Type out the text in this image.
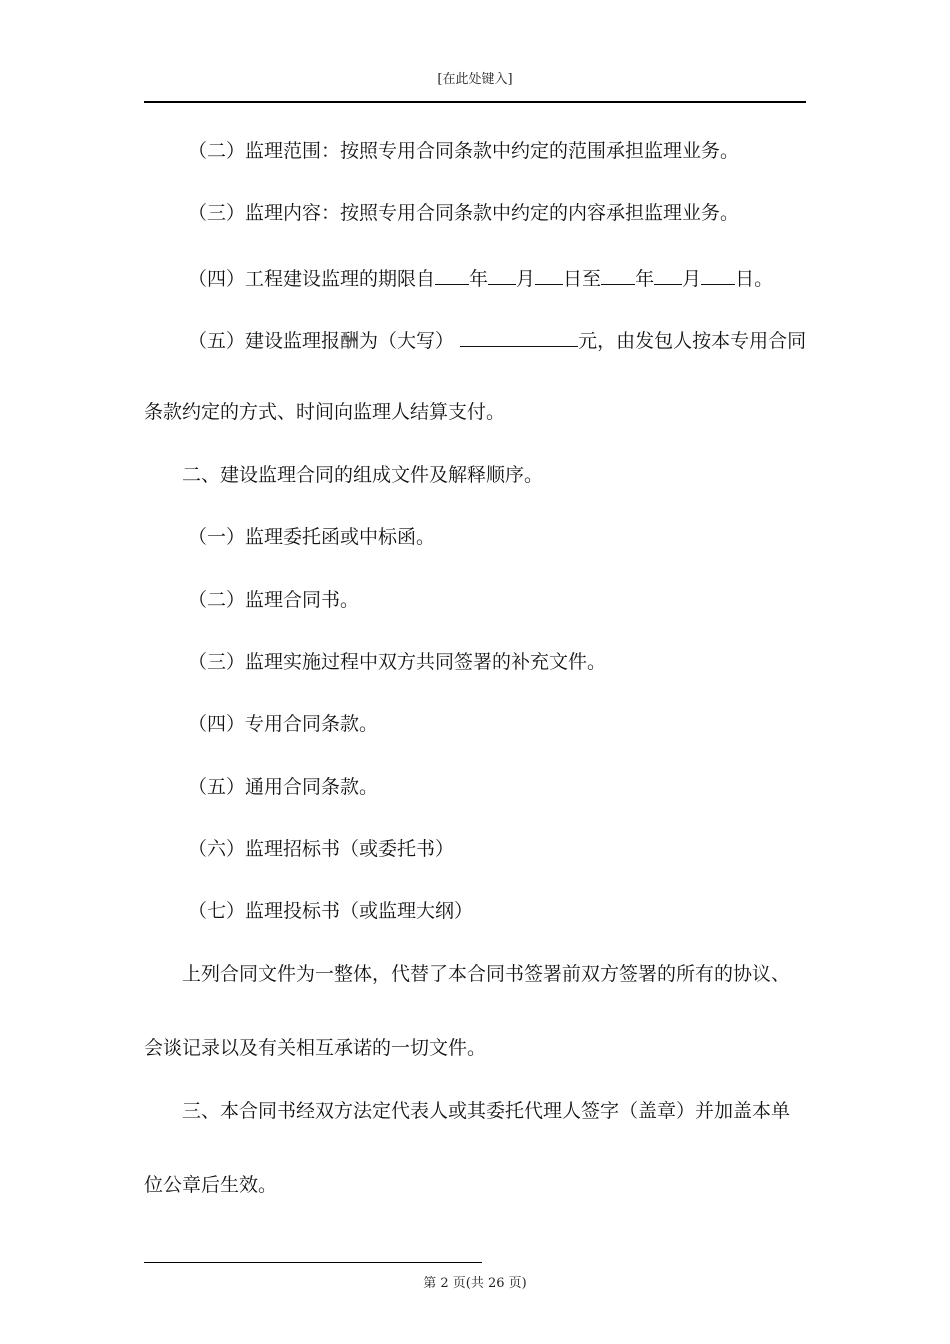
[在此处键入]
（二）监理范围：按照专用合同条款中约定的范围承担监理业务。
（三）监理内容：按照专用合同条款中约定的内容承担监理业务。
（四）工程建设监理的期限自 年 月 日至 年 月 日。
（五）建设监理报酬为（大写）	元，由发包人按本专用合同
条款约定的方式、时间向监理人结算支付。
二、建设监理合同的组成文件及解释顺序。
（一）监理委托函或中标函。
（二）监理合同书。
（三）监理实施过程中双方共同签署的补充文件。
（四）专用合同条款。
（五）通用合同条款。
（六）监理招标书（或委托书）
（七）监理投标书（或监理大纲）
上列合同文件为一整体，代替了本合同书签署前双方签署的所有的协议、
会谈记录以及有关相互承诺的一切文件。
三、本合同书经双方法定代表人或其委托代理人签字（盖章）并加盖本单
位公章后生效。
第 2 页(共 26 页)
